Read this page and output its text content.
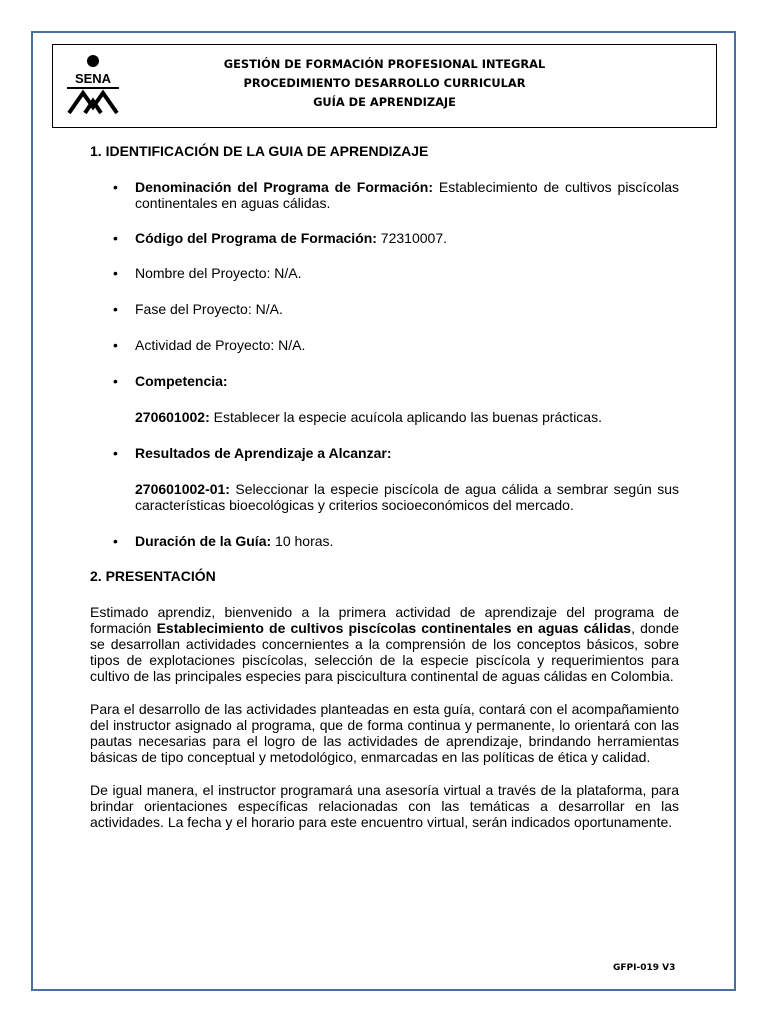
SENA
GESTIÓN DE FORMACIÓN PROFESIONAL INTEGRAL
PROCEDIMIENTO DESARROLLO CURRICULAR
GUÍA DE APRENDIZAJE
1. IDENTIFICACIÓN DE LA GUIA DE APRENDIZAJE
• Denominación del Programa de Formación: Establecimiento de cultivos piscícolas continentales en aguas cálidas.
• Código del Programa de Formación: 72310007.
• Nombre del Proyecto: N/A.
• Fase del Proyecto: N/A.
• Actividad de Proyecto: N/A.
• Competencia:
270601002: Establecer la especie acuícola aplicando las buenas prácticas.
• Resultados de Aprendizaje a Alcanzar:
270601002-01: Seleccionar la especie piscícola de agua cálida a sembrar según sus características bioecológicas y criterios socioeconómicos del mercado.
• Duración de la Guía: 10 horas.
2. PRESENTACIÓN

Estimado aprendiz, bienvenido a la primera actividad de aprendizaje del programa de formación Establecimiento de cultivos piscícolas continentales en aguas cálidas, donde se desarrollan actividades concernientes a la comprensión de los conceptos básicos, sobre tipos de explotaciones piscícolas, selección de la especie piscícola y requerimientos para cultivo de las principales especies para piscicultura continental de aguas cálidas en Colombia.

Para el desarrollo de las actividades planteadas en esta guía, contará con el acompañamiento del instructor asignado al programa, que de forma continua y permanente, lo orientará con las pautas necesarias para el logro de las actividades de aprendizaje, brindando herramientas básicas de tipo conceptual y metodológico, enmarcadas en las políticas de ética y calidad.

De igual manera, el instructor programará una asesoría virtual a través de la plataforma, para brindar orientaciones específicas relacionadas con las temáticas a desarrollar en las actividades. La fecha y el horario para este encuentro virtual, serán indicados oportunamente.

GFPI-019 V3
